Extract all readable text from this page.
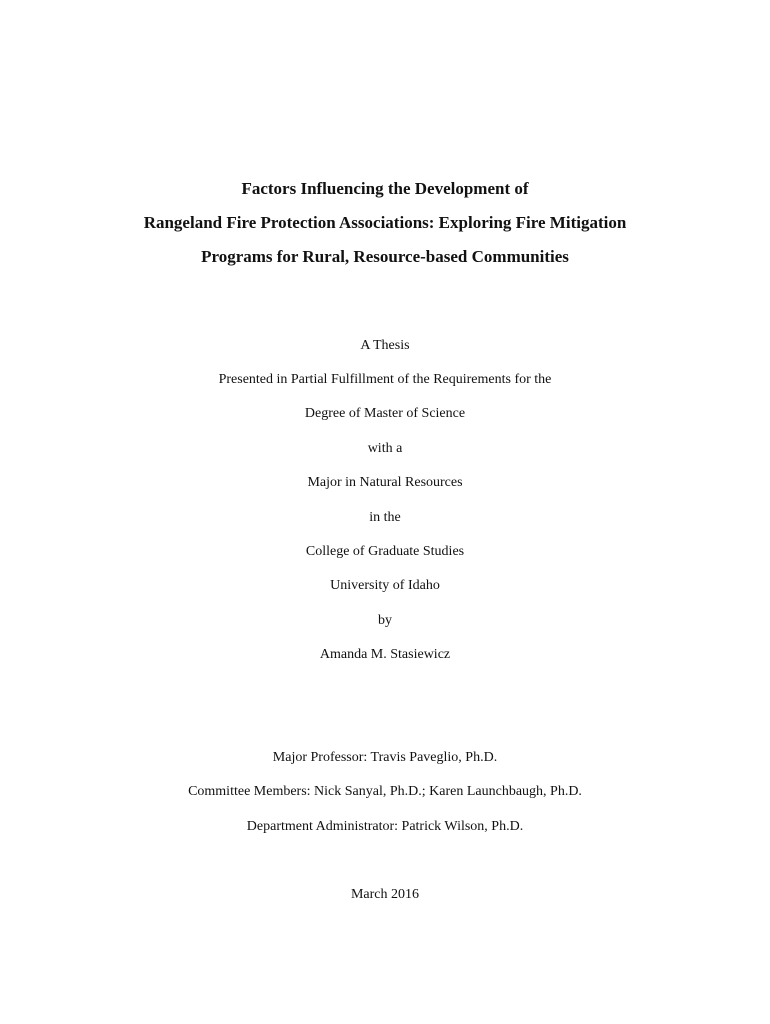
Factors Influencing the Development of
Rangeland Fire Protection Associations: Exploring Fire Mitigation
Programs for Rural, Resource-based Communities
A Thesis
Presented in Partial Fulfillment of the Requirements for the
Degree of Master of Science
with a
Major in Natural Resources
in the
College of Graduate Studies
University of Idaho
by
Amanda M. Stasiewicz
Major Professor: Travis Paveglio, Ph.D.
Committee Members: Nick Sanyal, Ph.D.; Karen Launchbaugh, Ph.D.
Department Administrator: Patrick Wilson, Ph.D.
March 2016
